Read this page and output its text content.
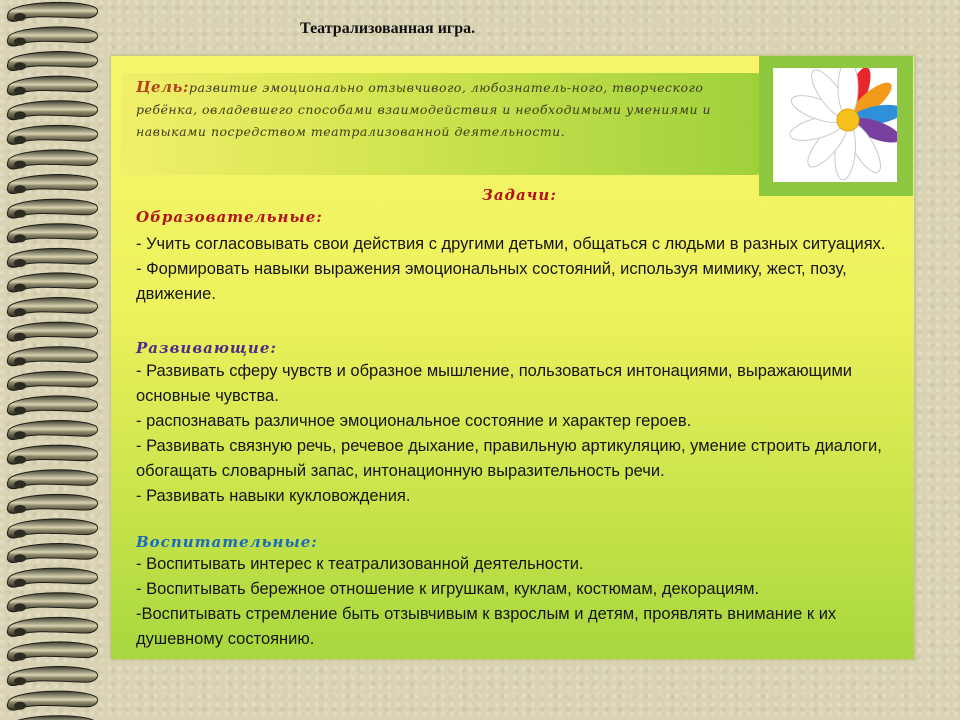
Театрализованная игра.
Цель:развитие эмоционально отзывчивого, любознатель-ного, творческого ребёнка, овладевшего способами взаимодействия и необходимыми умениями и навыками посредством театрализованной деятельности.
Задачи:
Образовательные:
- Учить согласовывать свои действия с другими детьми, общаться с людьми в разных ситуациях.
- Формировать навыки выражения эмоциональных состояний, используя мимику, жест, позу, движение.
Развивающие:
- Развивать сферу чувств и образное мышление, пользоваться интонациями, выражающими основные чувства.
- распознавать различное эмоциональное состояние и характер героев.
- Развивать связную речь, речевое дыхание, правильную артикуляцию, умение строить диалоги, обогащать словарный запас, интонационную выразительность речи.
- Развивать навыки кукловождения.
Воспитательные:
- Воспитывать интерес к театрализованной деятельности.
- Воспитывать бережное отношение к игрушкам, куклам, костюмам, декорациям.
-Воспитывать стремление быть отзывчивым к взрослым и детям, проявлять внимание к их душевному состоянию.
